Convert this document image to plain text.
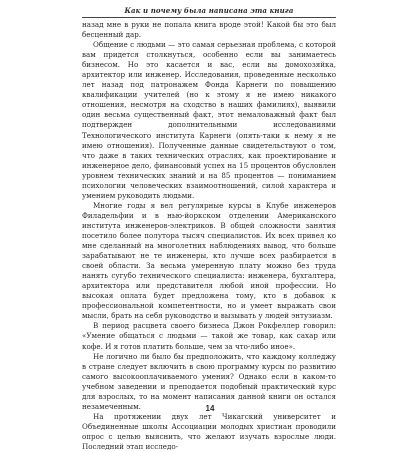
Как и почему была написана эта книга

назад мне в руки не попала книга вроде этой! Какой бы это был бесценный дар.

Общение с людьми — это самая серьезная проблема, с которой вам придется столкнуться, особенно если вы занимаетесь бизнесом. Но это касается и вас, если вы домохозяйка, архитектор или инженер. Исследования, проведенные несколько лет назад под патронажем Фонда Карнеги по повышению квалификации учителей (но к этому я не имею никакого отношения, несмотря на сходство в наших фамилиях), выявили один весьма существенный факт, этот немаловажный факт был подтвержден дополнительными исследованиями Технологического института Карнеги (опять-таки к нему я не имею отношения). Полученные данные свидетельствуют о том, что даже в таких технических отраслях, как проектирование и инженерное дело, финансовый успех на 15 процентов обусловлен уровнем технических знаний и на 85 процентов — пониманием психологии человеческих взаимоотношений, силой характера и умением руководить людьми.

Многие годы я вел регулярные курсы в Клубе инженеров Филадельфии и в нью-йоркском отделении Американского института инженеров-электриков. В общей сложности занятия посетило более полутора тысяч специалистов. Их всех привел ко мне сделанный на многолетних наблюдениях вывод, что больше зарабатывают не те инженеры, кто лучше всех разбирается в своей области. За весьма умеренную плату можно без труда нанять сугубо технического специалиста: инженера, бухгалтера, архитектора или представителя любой иной профессии. Но высокая оплата будет предложена тому, кто в добавок к профессиональной компетентности, но и умеет выражать свои мысли, брать на себя руководство и вызывать у людей энтузиазм.

В период расцвета своего бизнеса Джон Рокфеллер говорил: «Умение общаться с людьми — такой же товар, как сахар или кофе. И я готов платить больше, чем за что-либо иное».

Не логично ли было бы предположить, что каждому колледжу в стране следует включить в свою программу курсы по развитию самого высокооплачиваемого умения? Однако если в каком-то учебном заведении и преподается подобный практический курс для взрослых, то на момент написания данной книги он остался незамеченным.

На протяжении двух лет Чикагский университет и Объединенные школы Ассоциации молодых христиан проводили опрос с целью выяснить, что желают изучать взрослые люди. Последний этап исследо-

14
